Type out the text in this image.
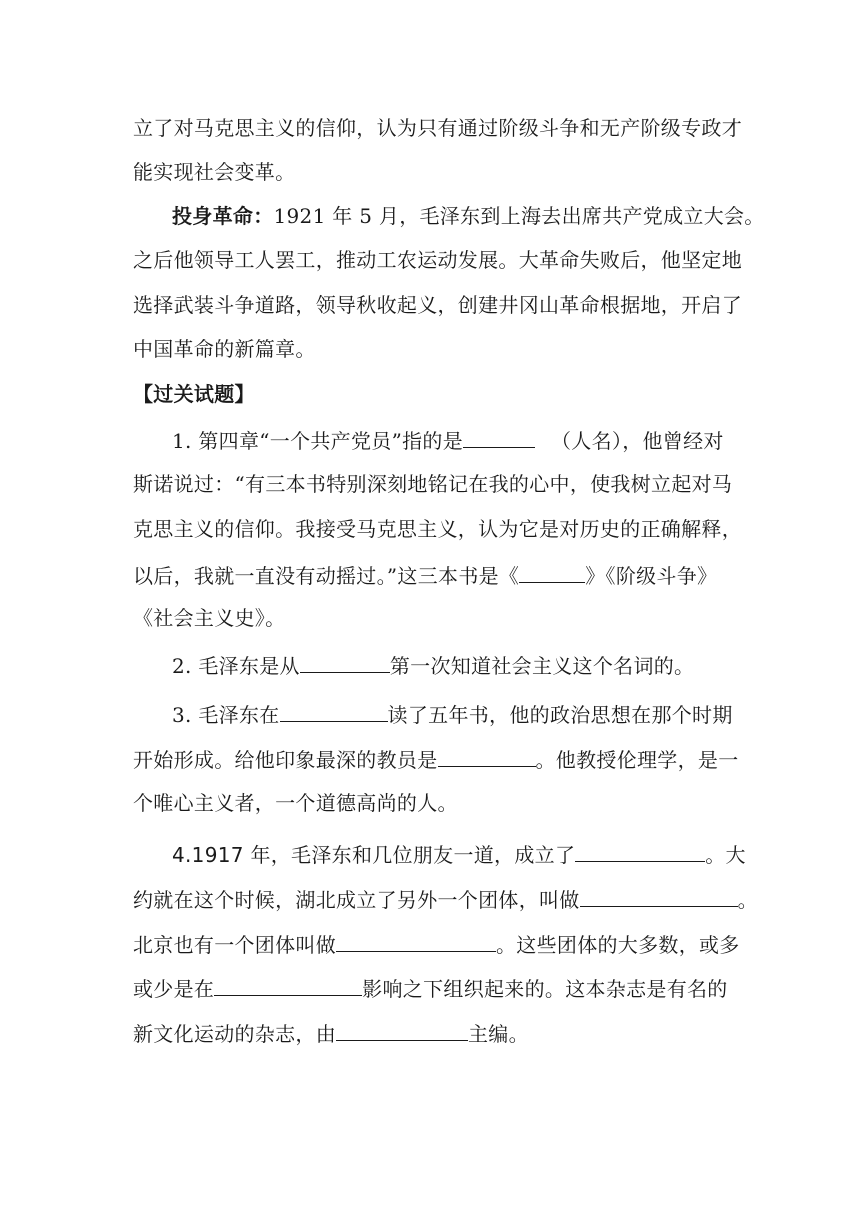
立了对马克思主义的信仰，认为只有通过阶级斗争和无产阶级专政才
能实现社会变革。
投身革命：1921 年 5 月，毛泽东到上海去出席共产党成立大会。
之后他领导工人罢工，推动工农运动发展。大革命失败后，他坚定地
选择武装斗争道路，领导秋收起义，创建井冈山革命根据地，开启了
中国革命的新篇章。
【过关试题】
1. 第四章“一个共产党员”指的是	（人名），他曾经对
斯诺说过：“有三本书特别深刻地铭记在我的心中，使我树立起对马
克思主义的信仰。我接受马克思主义，认为它是对历史的正确解释，
以后，我就一直没有动摇过。”这三本书是《	》《阶级斗争》
《社会主义史》。
2. 毛泽东是从	第一次知道社会主义这个名词的。
3. 毛泽东在	读了五年书，他的政治思想在那个时期
开始形成。给他印象最深的教员是	。他教授伦理学，是一
个唯心主义者，一个道德高尚的人。
4.1917 年，毛泽东和几位朋友一道，成立了	。大
约就在这个时候，湖北成立了另外一个团体，叫做	。
北京也有一个团体叫做	。这些团体的大多数，或多
或少是在	影响之下组织起来的。这本杂志是有名的
新文化运动的杂志，由	主编。
